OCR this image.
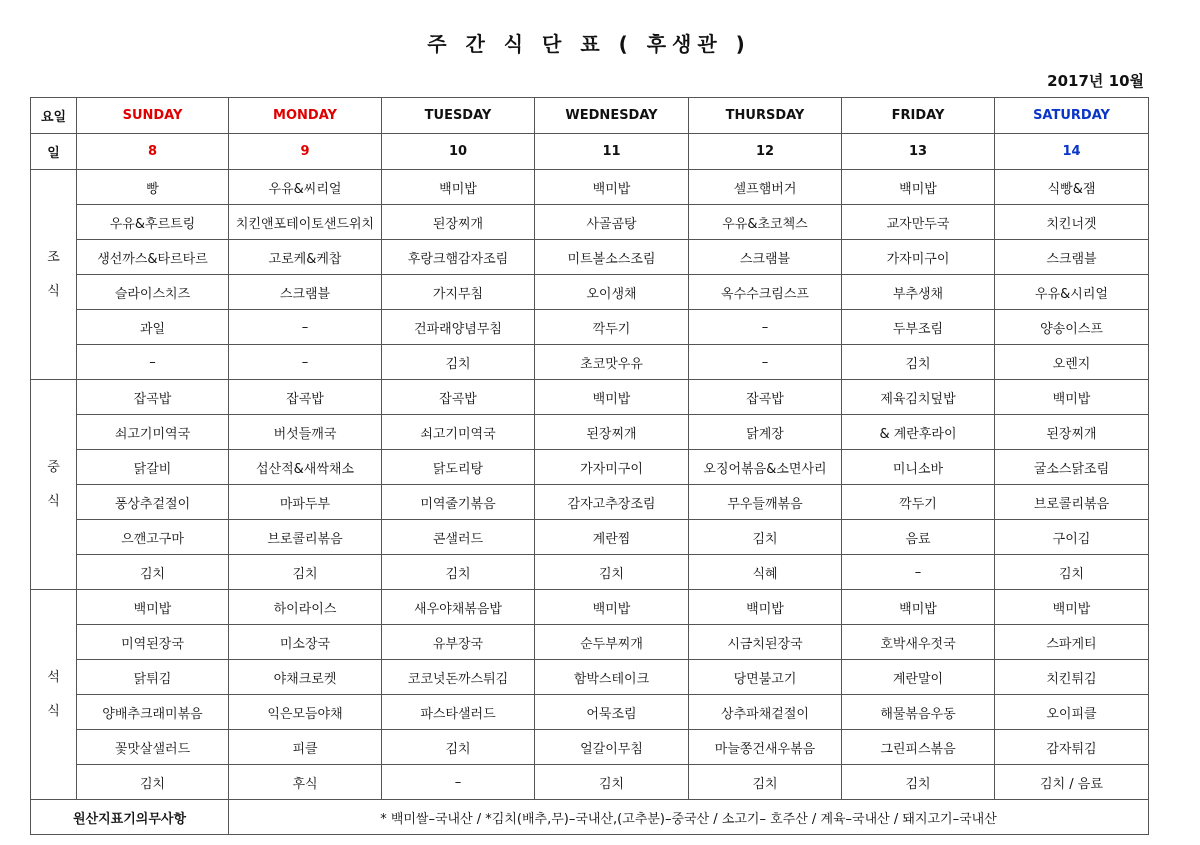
주 간 식 단 표 ( 후생관 )
2017년 10월
요일	SUNDAY	MONDAY	TUESDAY	WEDNESDAY	THURSDAY	FRIDAY	SATURDAY
일	8	9	10	11	12	13	14

조
식	빵	우유&씨리얼	백미밥	백미밥	셀프햄버거	백미밥	식빵&잼
	우유&후르트링	치킨앤포테이토샌드위치	된장찌개	사골곰탕	우유&초코첵스	교자만두국	치킨너겟
	생선까스&타르타르	고로케&케찹	후랑크햄감자조림	미트볼소스조림	스크램블	가자미구이	스크램블
	슬라이스치즈	스크램블	가지무침	오이생채	옥수수크림스프	부추생채	우유&시리얼
	과일	–	건파래양념무침	깍두기	–	두부조림	양송이스프
	–	–	김치	초코맛우유	–	김치	오렌지

중
식	잡곡밥	잡곡밥	잡곡밥	백미밥	잡곡밥	제육김치덮밥	백미밥
	쇠고기미역국	버섯들깨국	쇠고기미역국	된장찌개	닭계장	& 계란후라이	된장찌개
	닭갈비	섭산적&새싹채소	닭도리탕	가자미구이	오징어볶음&소면사리	미니소바	굴소스닭조림
	풍상추겉절이	마파두부	미역줄기볶음	감자고추장조림	무우들깨볶음	깍두기	브로콜리볶음
	으깬고구마	브로콜리볶음	콘샐러드	계란찜	김치	음료	구이김
	김치	김치	김치	김치	식혜	–	김치

석
식	백미밥	하이라이스	새우야채볶음밥	백미밥	백미밥	백미밥	백미밥
	미역된장국	미소장국	유부장국	순두부찌개	시금치된장국	호박새우젓국	스파게티
	닭튀김	야채크로켓	코코넛돈까스튀김	함박스테이크	당면불고기	계란말이	치킨튀김
	양배추크래미볶음	익은모듬야채	파스타샐러드	어묵조림	상추파채겉절이	해물볶음우동	오이피클
	꽃맛살샐러드	피클	김치	얼갈이무침	마늘쫑건새우볶음	그린피스볶음	감자튀김
	김치	후식	–	김치	김치	김치	김치 / 음료
원산지표기의무사항		* 백미쌀–국내산 / *김치(배추,무)–국내산,(고추분)–중국산 / 소고기– 호주산 / 계육–국내산 / 돼지고기–국내산					
